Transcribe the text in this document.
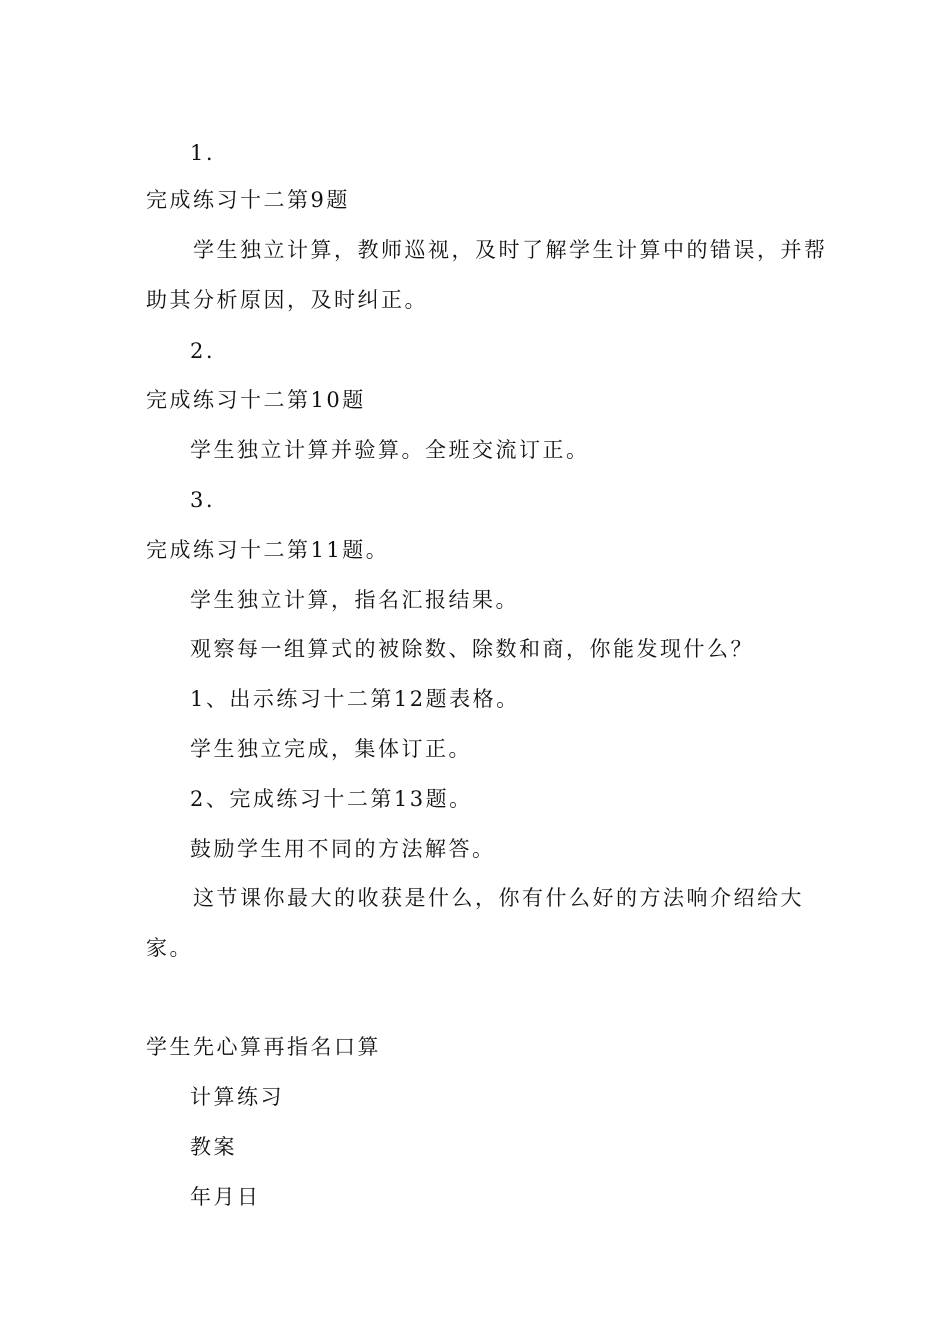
1.
完成练习十二第9题
学生独立计算，教师巡视，及时了解学生计算中的错误，并帮
助其分析原因，及时纠正。
2.
完成练习十二第10题
学生独立计算并验算。全班交流订正。
3.
完成练习十二第11题。
学生独立计算，指名汇报结果。
观察每一组算式的被除数、除数和商，你能发现什么？
1、出示练习十二第12题表格。
学生独立完成，集体订正。
2、完成练习十二第13题。
鼓励学生用不同的方法解答。
这节课你最大的收获是什么，你有什么好的方法响介绍给大
家。
学生先心算再指名口算
计算练习
教案
年月日
